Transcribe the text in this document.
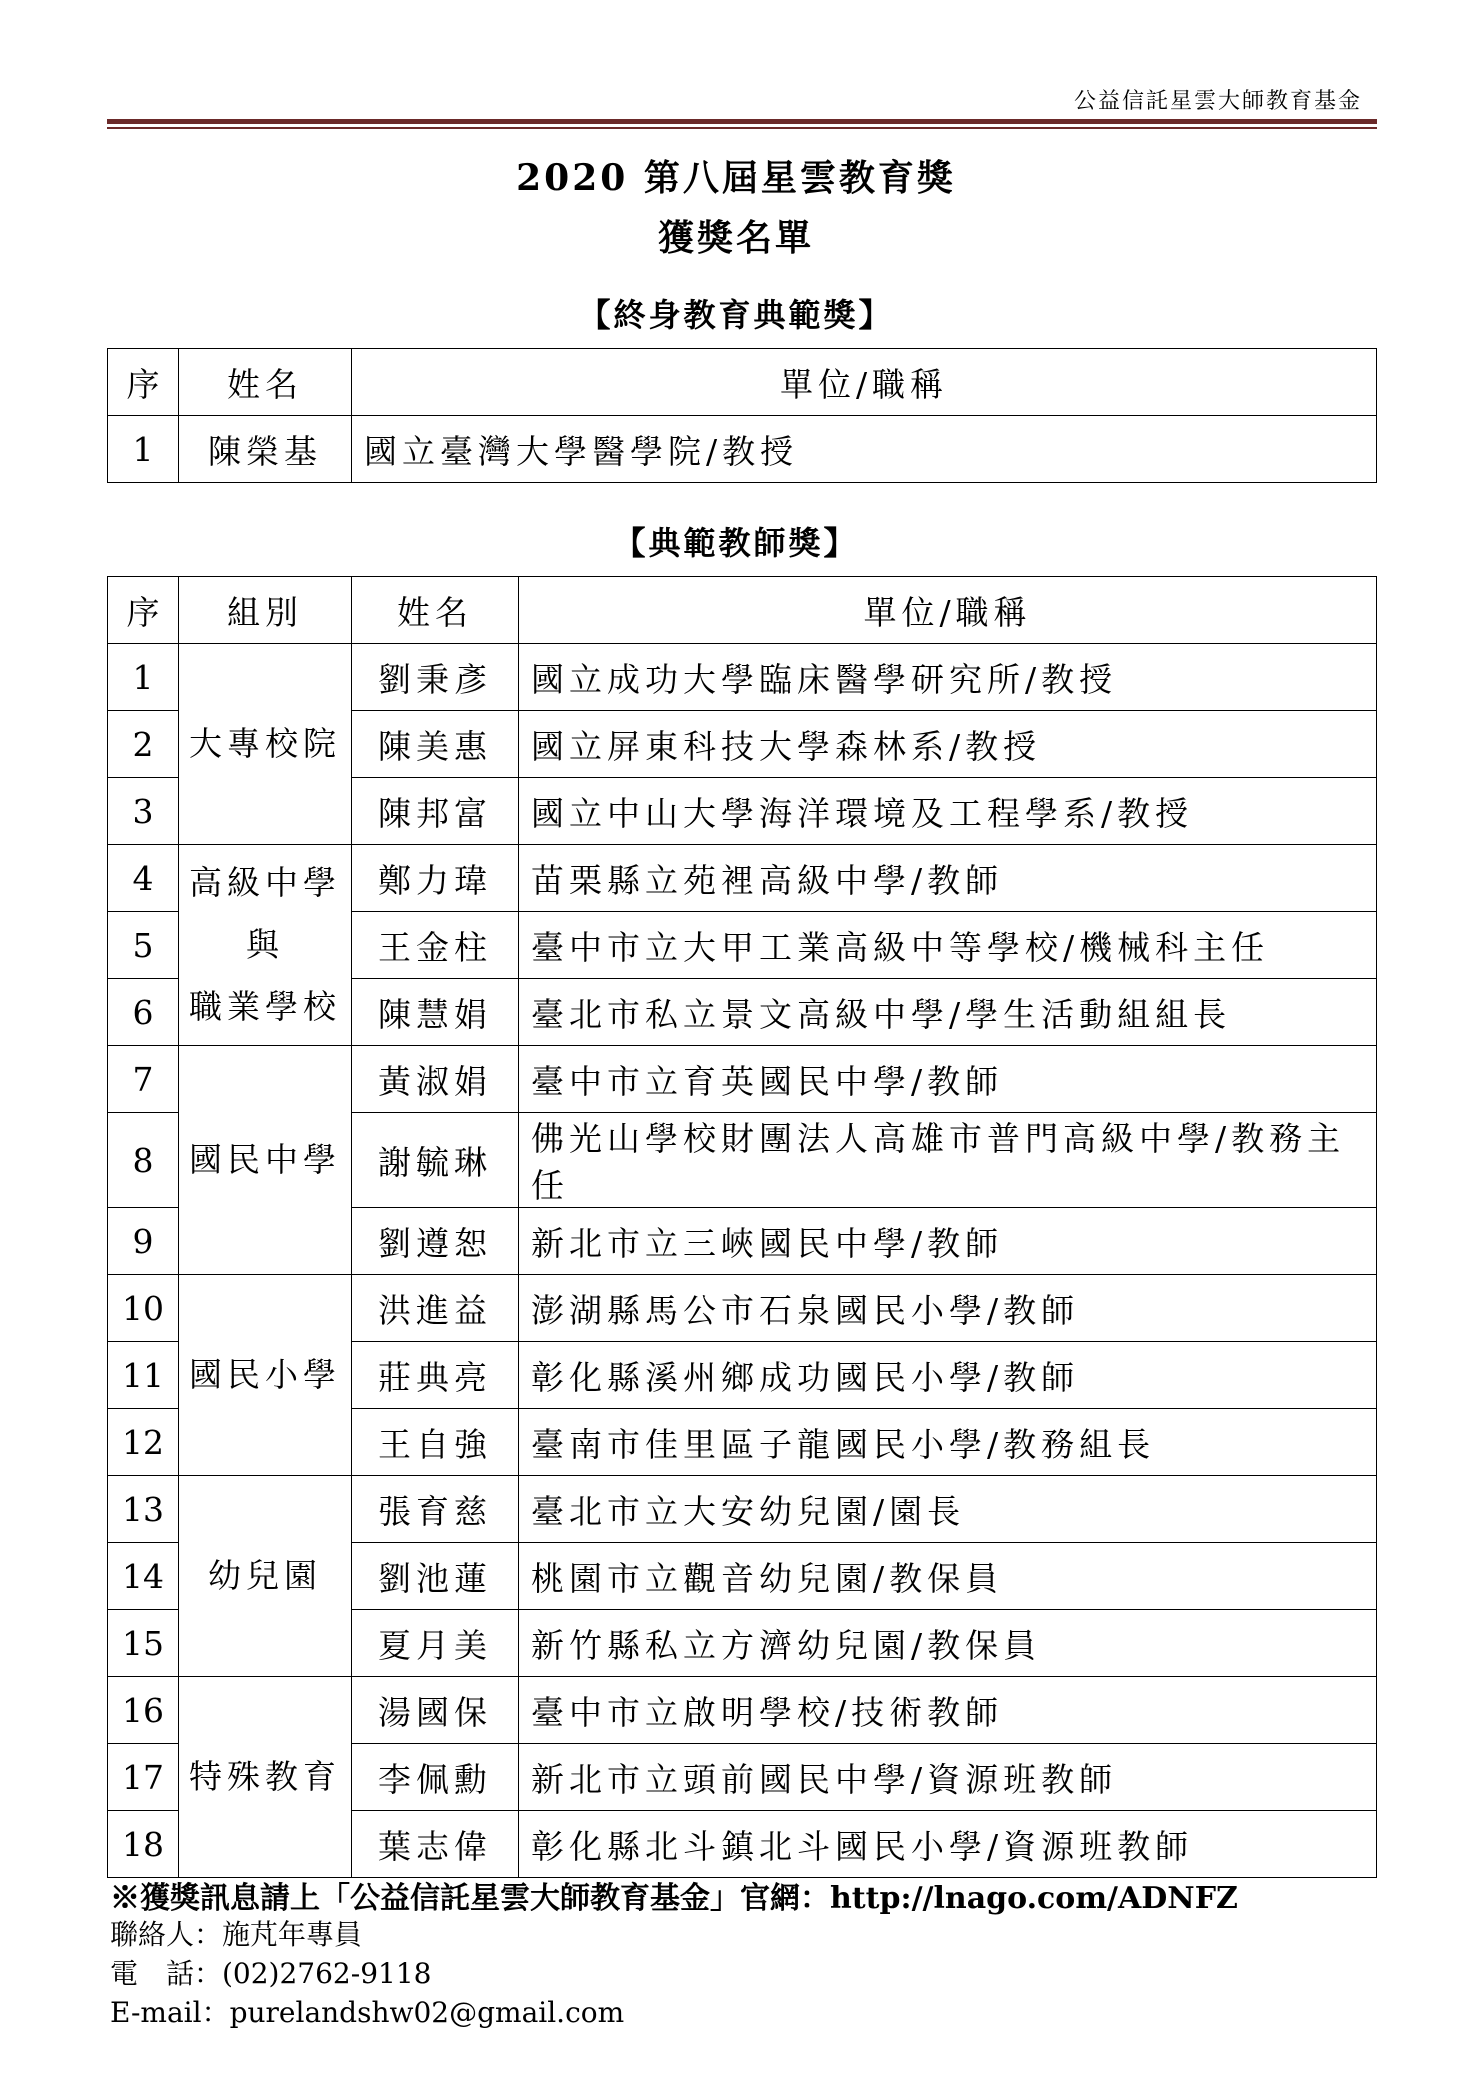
公益信託星雲大師教育基金
2020 第八屆星雲教育獎
獲獎名單
【終身教育典範獎】
序	姓名	單位/職稱
1	陳榮基	國立臺灣大學醫學院/教授
【典範教師獎】
序	組別	姓名	單位/職稱
1	大專校院	劉秉彥	國立成功大學臨床醫學研究所/教授
2		陳美惠	國立屏東科技大學森林系/教授
3		陳邦富	國立中山大學海洋環境及工程學系/教授
4	高級中學
與
職業學校	鄭力瑋	苗栗縣立苑裡高級中學/教師
5		王金柱	臺中市立大甲工業高級中等學校/機械科主任
6		陳慧娟	臺北市私立景文高級中學/學生活動組組長
7	國民中學	黃淑娟	臺中市立育英國民中學/教師
8		謝毓琳	佛光山學校財團法人高雄市普門高級中學/教務主任
9		劉遵恕	新北市立三峽國民中學/教師
10	國民小學	洪進益	澎湖縣馬公市石泉國民小學/教師
11		莊典亮	彰化縣溪州鄉成功國民小學/教師
12		王自強	臺南市佳里區子龍國民小學/教務組長
13	幼兒園	張育慈	臺北市立大安幼兒園/園長
14		劉池蓮	桃園市立觀音幼兒園/教保員
15		夏月美	新竹縣私立方濟幼兒園/教保員
16	特殊教育	湯國保	臺中市立啟明學校/技術教師
17		李佩勳	新北市立頭前國民中學/資源班教師
18		葉志偉	彰化縣北斗鎮北斗國民小學/資源班教師
※獲獎訊息請上「公益信託星雲大師教育基金」官網：http://lnago.com/ADNFZ
聯絡人：施芃年專員
電　話：(02)2762-9118
E-mail：purelandshw02@gmail.com
